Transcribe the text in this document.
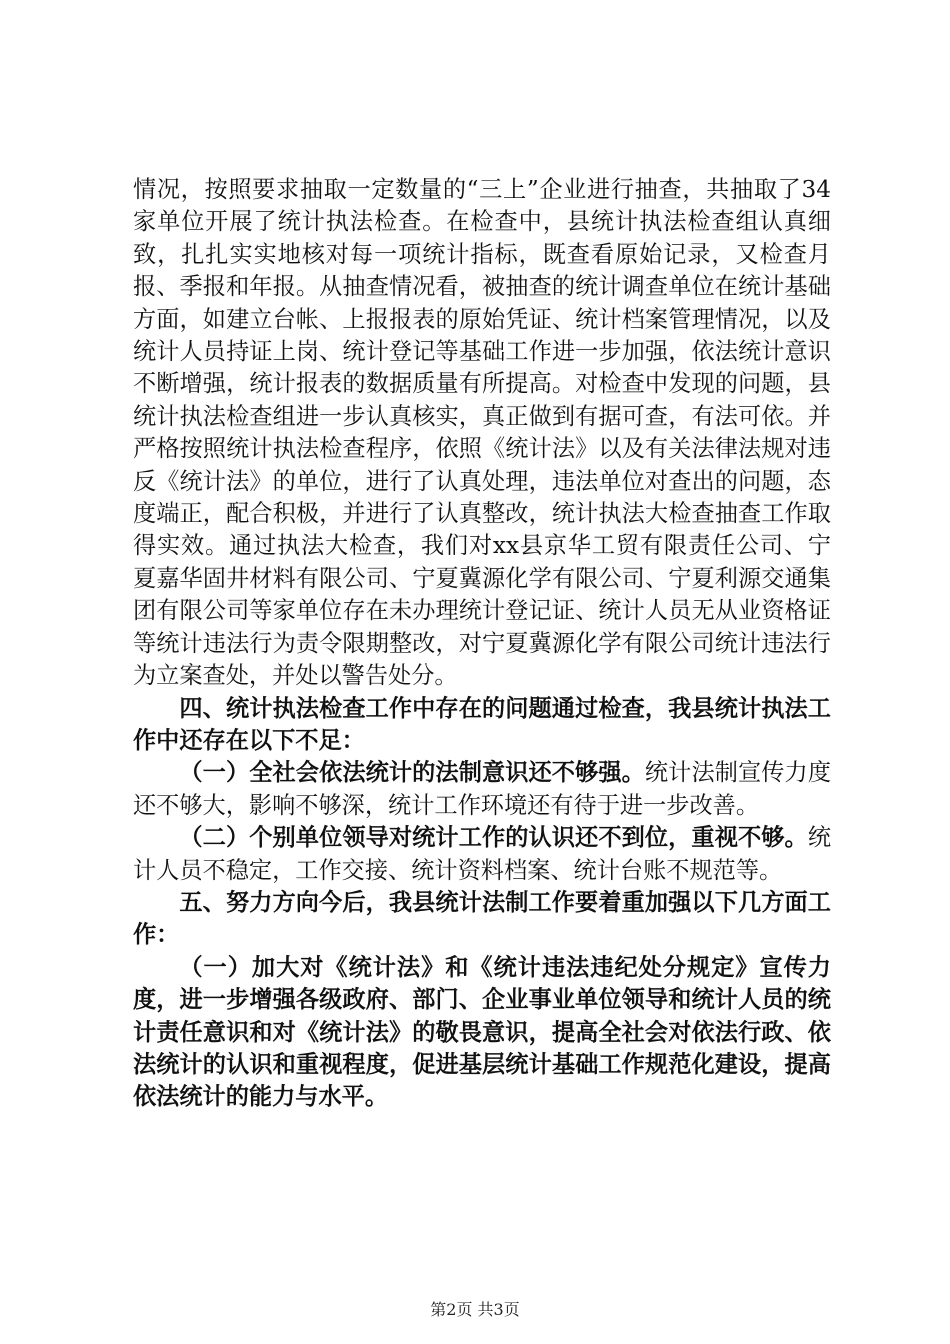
情况，按照要求抽取一定数量的“三上”企业进行抽查，共抽取了34家单位开展了统计执法检查。在检查中，县统计执法检查组认真细致，扎扎实实地核对每一项统计指标，既查看原始记录，又检查月报、季报和年报。从抽查情况看，被抽查的统计调查单位在统计基础方面，如建立台帐、上报报表的原始凭证、统计档案管理情况，以及统计人员持证上岗、统计登记等基础工作进一步加强，依法统计意识不断增强，统计报表的数据质量有所提高。对检查中发现的问题，县统计执法检查组进一步认真核实，真正做到有据可查，有法可依。并严格按照统计执法检查程序，依照《统计法》以及有关法律法规对违反《统计法》的单位，进行了认真处理，违法单位对查出的问题，态度端正，配合积极，并进行了认真整改，统计执法大检查抽查工作取得实效。通过执法大检查，我们对xx县京华工贸有限责任公司、宁夏嘉华固井材料有限公司、宁夏冀源化学有限公司、宁夏利源交通集团有限公司等家单位存在未办理统计登记证、统计人员无从业资格证等统计违法行为责令限期整改，对宁夏冀源化学有限公司统计违法行为立案查处，并处以警告处分。

四、统计执法检查工作中存在的问题通过检查，我县统计执法工作中还存在以下不足：

（一）全社会依法统计的法制意识还不够强。统计法制宣传力度还不够大，影响不够深，统计工作环境还有待于进一步改善。

（二）个别单位领导对统计工作的认识还不到位，重视不够。统计人员不稳定，工作交接、统计资料档案、统计台账不规范等。

五、努力方向今后，我县统计法制工作要着重加强以下几方面工作：

（一）加大对《统计法》和《统计违法违纪处分规定》宣传力度，进一步增强各级政府、部门、企业事业单位领导和统计人员的统计责任意识和对《统计法》的敬畏意识，提高全社会对依法行政、依法统计的认识和重视程度，促进基层统计基础工作规范化建设，提高依法统计的能力与水平。

第2页 共3页
